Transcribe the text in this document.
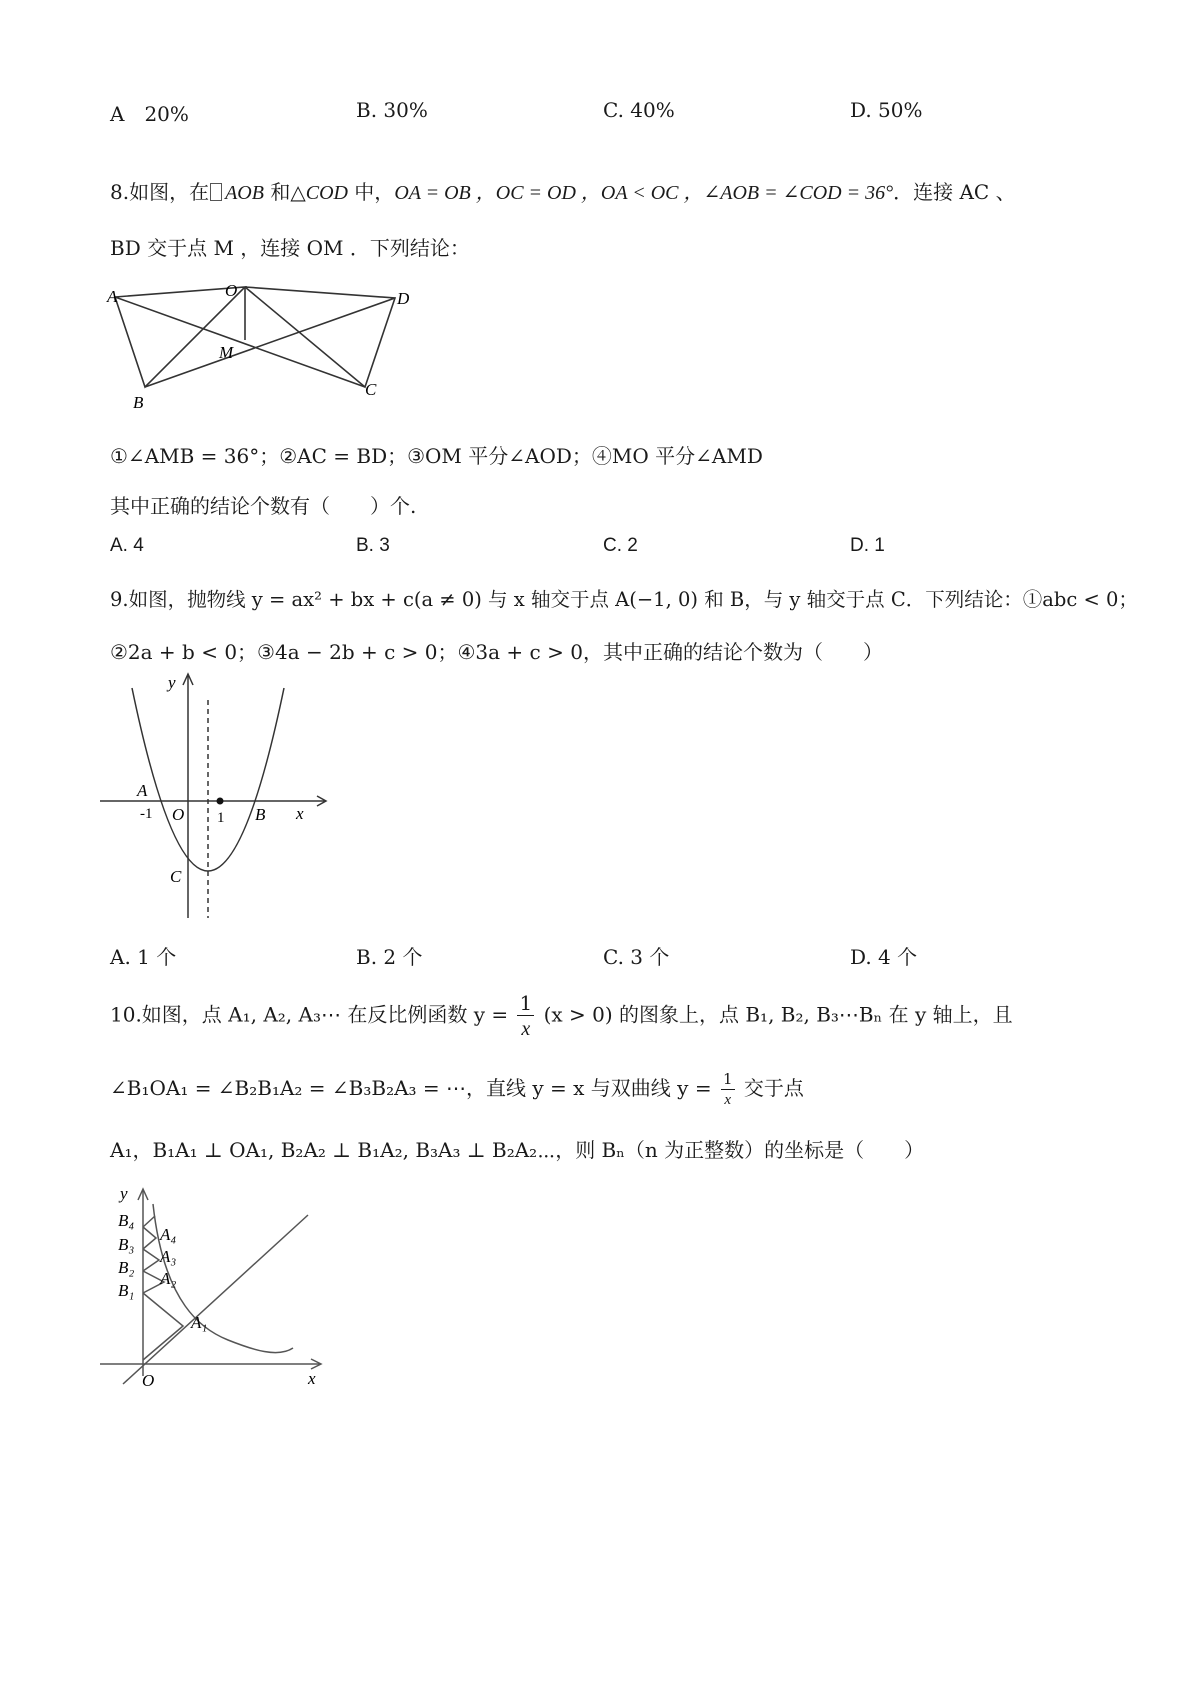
A　20%	B. 30%	C. 40%	D. 50%
8.如图，在 AOB 和△COD 中，OA = OB ，OC = OD ，OA < OC ，∠AOB = ∠COD = 36°．连接 AC 、
BD 交于点 M ，连接 OM ．下列结论：
A	O	D
B
M
C
①∠AMB = 36°；②AC = BD；③OM 平分∠AOD；④MO 平分∠AMD
其中正确的结论个数有（　　）个.
A. 4	B. 3	C. 2	D. 1
9.如图，抛物线 y = ax² + bx + c(a ≠ 0) 与 x 轴交于点 A(−1, 0) 和 B，与 y 轴交于点 C．下列结论：①abc < 0；
②2a + b < 0；③4a − 2b + c > 0；④3a + c > 0，其中正确的结论个数为（　　）
y
x
A
-1 O 1 B
C
A. 1 个	B. 2 个	C. 3 个	D. 4 个
10.如图，点 A₁, A₂, A₃⋯ 在反比例函数 $y = \frac{1}{x} (x > 0)$ 的图象上，点 B₁, B₂, B₃⋯Bₙ 在 y 轴上，且
∠B₁OA₁ = ∠B₂B₁A₂ = ∠B₃B₂A₃ = ⋯，直线 y = x 与双曲线 $y = \frac{1}{x}$ 交于点
A₁，B₁A₁ ⊥ OA₁, B₂A₂ ⊥ B₁A₂, B₃A₃ ⊥ B₂A₂⋯，则 Bₙ（n 为正整数）的坐标是（　　）
y
x
O
B₄
B₃
B₂
B₁
A₄
A₃
A₂
A₁
